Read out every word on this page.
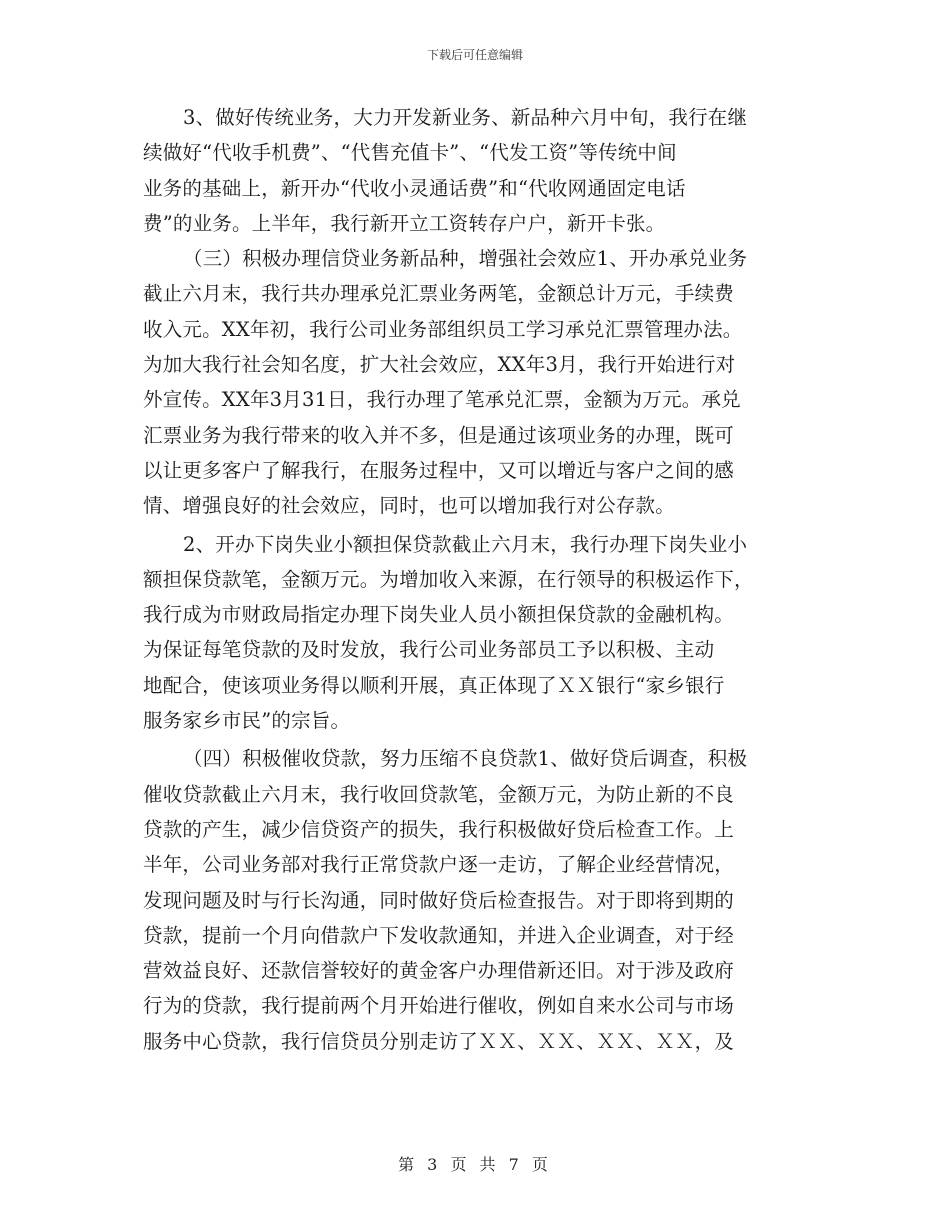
下载后可任意编辑
3、做好传统业务，大力开发新业务、新品种六月中旬，我行在继
续做好“代收手机费”、“代售充值卡”、“代发工资”等传统中间
业务的基础上，新开办“代收小灵通话费”和“代收网通固定电话
费”的业务。上半年，我行新开立工资转存户户，新开卡张。
（三）积极办理信贷业务新品种，增强社会效应1、开办承兑业务
截止六月末，我行共办理承兑汇票业务两笔，金额总计万元，手续费
收入元。XX年初，我行公司业务部组织员工学习承兑汇票管理办法。
为加大我行社会知名度，扩大社会效应，XX年3月，我行开始进行对
外宣传。XX年3月31日，我行办理了笔承兑汇票，金额为万元。承兑
汇票业务为我行带来的收入并不多，但是通过该项业务的办理，既可
以让更多客户了解我行，在服务过程中，又可以增近与客户之间的感
情、增强良好的社会效应，同时，也可以增加我行对公存款。
2、开办下岗失业小额担保贷款截止六月末，我行办理下岗失业小
额担保贷款笔，金额万元。为增加收入来源，在行领导的积极运作下，
我行成为市财政局指定办理下岗失业人员小额担保贷款的金融机构。
为保证每笔贷款的及时发放，我行公司业务部员工予以积极、主动
地配合，使该项业务得以顺利开展，真正体现了ＸＸ银行“家乡银行
服务家乡市民”的宗旨。
（四）积极催收贷款，努力压缩不良贷款1、做好贷后调查，积极
催收贷款截止六月末，我行收回贷款笔，金额万元，为防止新的不良
贷款的产生，减少信贷资产的损失，我行积极做好贷后检查工作。上
半年，公司业务部对我行正常贷款户逐一走访，了解企业经营情况，
发现问题及时与行长沟通，同时做好贷后检查报告。对于即将到期的
贷款，提前一个月向借款户下发收款通知，并进入企业调查，对于经
营效益良好、还款信誉较好的黄金客户办理借新还旧。对于涉及政府
行为的贷款，我行提前两个月开始进行催收，例如自来水公司与市场
服务中心贷款，我行信贷员分别走访了ＸＸ、ＸＸ、ＸＸ、ＸＸ，及
第 3 页 共 7 页
